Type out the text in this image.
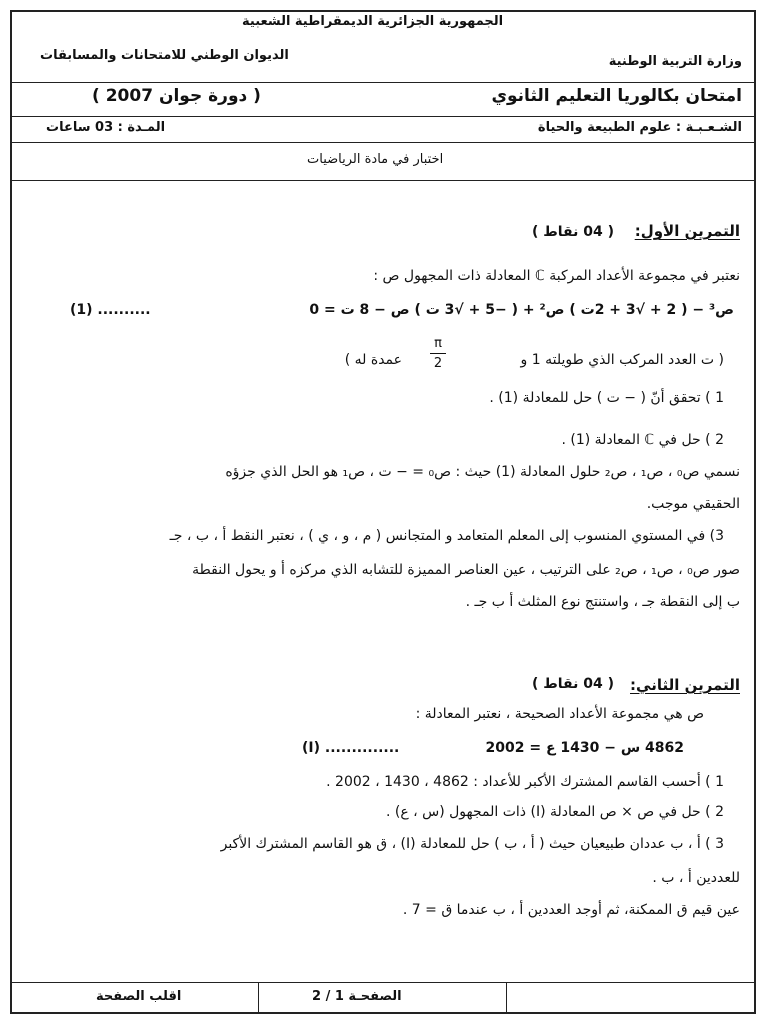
الجمهورية الجزائرية الديمقراطية الشعبية
وزارة التربية الوطنية
الديوان الوطني للامتحانات والمسابقات
امتحان بكالوريا التعليم الثانوي
( دورة جوان 2007 )
الشـعـبـة : علوم الطبيعة والحياة
المـدة : 03 ساعات
اختبار في مادة الرياضيات
التمرين الأول:
( 04 نقاط )
نعتبر في مجموعة الأعداد المركبة ℂ المعادلة ذات المجهول ص :
ص³ − ( 2 + √3 + 2ت ) ص² + ( −5 + √3 ت ) ص − 8 ت = 0
(1) ..........
( ت العدد المركب الذي طويلته 1 و
π
2
عمدة له )
1 ) تحقق أنّ ( − ت ) حل للمعادلة (1) .
2 ) حل في ℂ المعادلة (1) .
نسمي ص₀ ، ص₁ ، ص₂ حلول المعادلة (1) حيث : ص₀ = − ت ، ص₁ هو الحل الذي جزؤه
الحقيقي موجب.
3) في المستوي المنسوب إلى المعلم المتعامد و المتجانس ( م ، و ، ي ) ، نعتبر النقط أ ، ب ، جـ
صور ص₀ ، ص₁ ، ص₂ على الترتيب ، عين العناصر المميزة للتشابه الذي مركزه أ و يحول النقطة
ب إلى النقطة جـ ، واستنتج نوع المثلث أ ب جـ .
التمرين الثاني:
( 04 نقاط )
ص هي مجموعة الأعداد الصحيحة ، نعتبر المعادلة :
4862 س − 1430 ع = 2002
(I) ..............
1 ) أحسب القاسم المشترك الأكبر للأعداد : 4862 ، 1430 ، 2002 .
2 ) حل في ص × ص المعادلة (I) ذات المجهول (س ، ع) .
3 ) أ ، ب عددان طبيعيان حيث ( أ ، ب ) حل للمعادلة (I) ، ق هو القاسم المشترك الأكبر
للعددين أ ، ب .
عين قيم ق الممكنة، ثم أوجد العددين أ ، ب عندما ق = 7 .
اقلب الصفحة	الصفحـة 1 / 2
